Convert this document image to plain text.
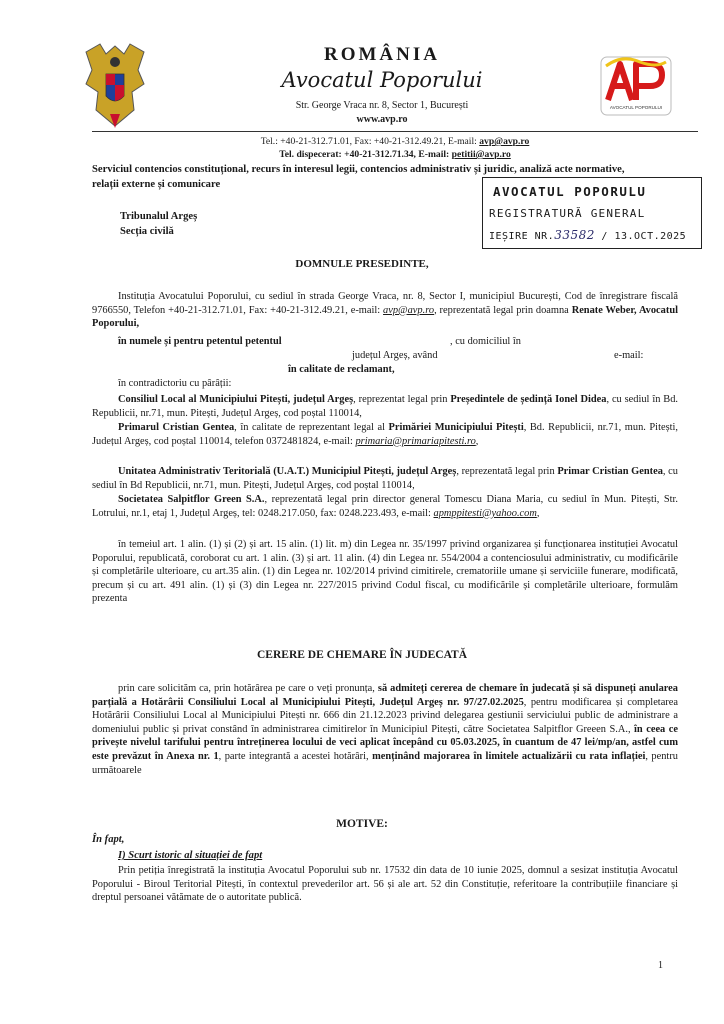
ROMÂNIA
Avocatul Poporului
Str. George Vraca nr. 8, Sector 1, București
www.avp.ro
Tel.: +40-21-312.71.01, Fax: +40-21-312.49.21, E-mail: avp@avp.ro
Tel. dispecerat: +40-21-312.71.34, E-mail: petitii@avp.ro
AVOCATUL POPORULUI
Serviciul contencios constituțional, recurs în interesul legii, contencios administrativ și juridic, analiză acte normative, relații externe și comunicare	AVOCATUL POPORULU
REGISTRATURĂ GENERAL
IEȘIRE NR.33582 / 13.OCT.2025
Tribunalul Argeș
Secția civilă
DOMNULE PRESEDINTE,
Instituția Avocatului Poporului, cu sediul în strada George Vraca, nr. 8, Sector I, municipiul București, Cod de înregistrare fiscală 9766550, Telefon +40-21-312.71.01, Fax: +40-21-312.49.21, e-mail: avp@avp.ro, reprezentată legal prin doamna Renate Weber, Avocatul Poporului,
în numele și pentru petentul petentul	, cu domiciliul în
județul Argeș, având	e-mail:
în calitate de reclamant,
în contradictoriu cu pârâții:
Consiliul Local al Municipiului Pitești, județul Argeș, reprezentat legal prin Președintele de ședință Ionel Didea, cu sediul în Bd. Republicii, nr.71, mun. Pitești, Județul Argeș, cod poștal 110014,
Primarul Cristian Gentea, în calitate de reprezentant legal al Primăriei Municipiului Pitești, Bd. Republicii, nr.71, mun. Pitești, Județul Argeș, cod poștal 110014, telefon 0372481824, e-mail: primaria@primariapitesti.ro,
Unitatea Administrativ Teritorială (U.A.T.) Municipiul Pitești, județul Argeș, reprezentată legal prin Primar Cristian Gentea, cu sediul în Bd Republicii, nr.71, mun. Pitești, Județul Argeș, cod poștal 110014,
Societatea Salpitflor Green S.A., reprezentată legal prin director general Tomescu Diana Maria, cu sediul în Mun. Pitești, Str. Lotrului, nr.1, etaj 1, Județul Argeș, tel: 0248.217.050, fax: 0248.223.493, e-mail: apmppitesti@yahoo.com,
în temeiul art. 1 alin. (1) și (2) și art. 15 alin. (1) lit. m) din Legea nr. 35/1997 privind organizarea și funcționarea instituției Avocatul Poporului, republicată, coroborat cu art. 1 alin. (3) și art. 11 alin. (4) din Legea nr. 554/2004 a contenciosului administrativ, cu modificările și completările ulterioare, cu art.35 alin. (1) din Legea nr. 102/2014 privind cimitirele, crematoriile umane și serviciile funerare, modificată, precum și cu art. 491 alin. (1) și (3) din Legea nr. 227/2015 privind Codul fiscal, cu modificările și completările ulterioare, formulăm prezenta
CERERE DE CHEMARE ÎN JUDECATĂ
prin care solicităm ca, prin hotărârea pe care o veți pronunța, să admiteți cererea de chemare în judecată și să dispuneți anularea parțială a Hotărârii Consiliului Local al Municipiului Pitești, Județul Argeș nr. 97/27.02.2025, pentru modificarea și completarea Hotărârii Consiliului Local al Municipiului Pitești nr. 666 din 21.12.2023 privind delegarea gestiunii serviciului public de administrare a domeniului public și privat constând în administrarea cimitirelor în Municipiul Pitești, către Societatea Salpitflor Greeen S.A., în ceea ce privește nivelul tarifului pentru întreținerea locului de veci aplicat începând cu 05.03.2025, în cuantum de 47 lei/mp/an, astfel cum este prevăzut în Anexa nr. 1, parte integrantă a acestei hotărâri, menținând majorarea în limitele actualizării cu rata inflației, pentru următoarele
MOTIVE:
În fapt,
I) Scurt istoric al situației de fapt
Prin petiția înregistrată la instituția Avocatul Poporului sub nr. 17532 din data de 10 iunie 2025, domnul a sesizat instituția Avocatul Poporului - Biroul Teritorial Pitești, în contextul prevederilor art. 56 și ale art. 52 din Constituție, referitoare la contribuțiile financiare și dreptul persoanei vătămate de o autoritate publică.
1
